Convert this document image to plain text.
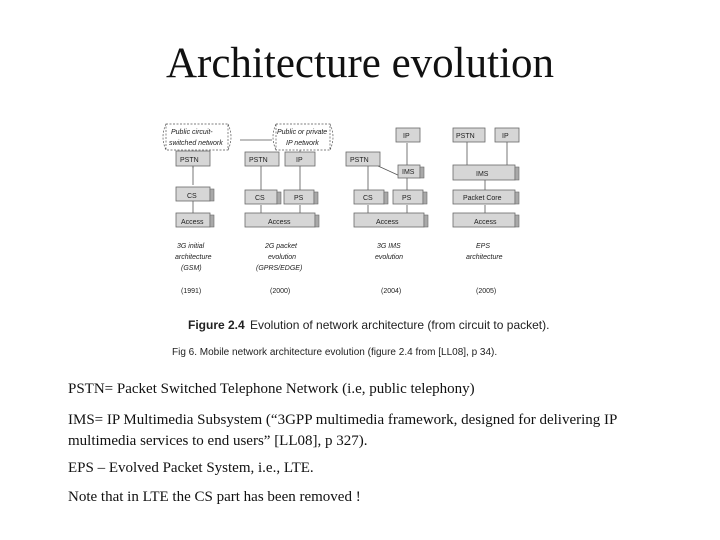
Architecture evolution
Public circuit-
switched network
Public or private
IP network
PSTN
CS
Access
3G initial
architecture
(GSM)
(1991)
PSTN	IP
CS	PS
Access
2G packet
evolution
(GPRS/EDGE)
(2000)
IP
PSTN
IMS
CS	PS
Access
3G IMS
evolution
(2004)
PSTN	IP
IMS
Packet Core
Access
EPS
architecture
(2005)
Figure 2.4 Evolution of network architecture (from circuit to packet).
Fig 6. Mobile network architecture evolution (figure 2.4 from [LL08], p 34).
PSTN= Packet Switched Telephone Network (i.e, public telephony)
IMS= IP Multimedia Subsystem (“3GPP multimedia framework, designed for delivering IP multimedia services to end users” [LL08], p 327).
EPS – Evolved Packet System, i.e., LTE.
Note that in LTE the CS part has been removed !
